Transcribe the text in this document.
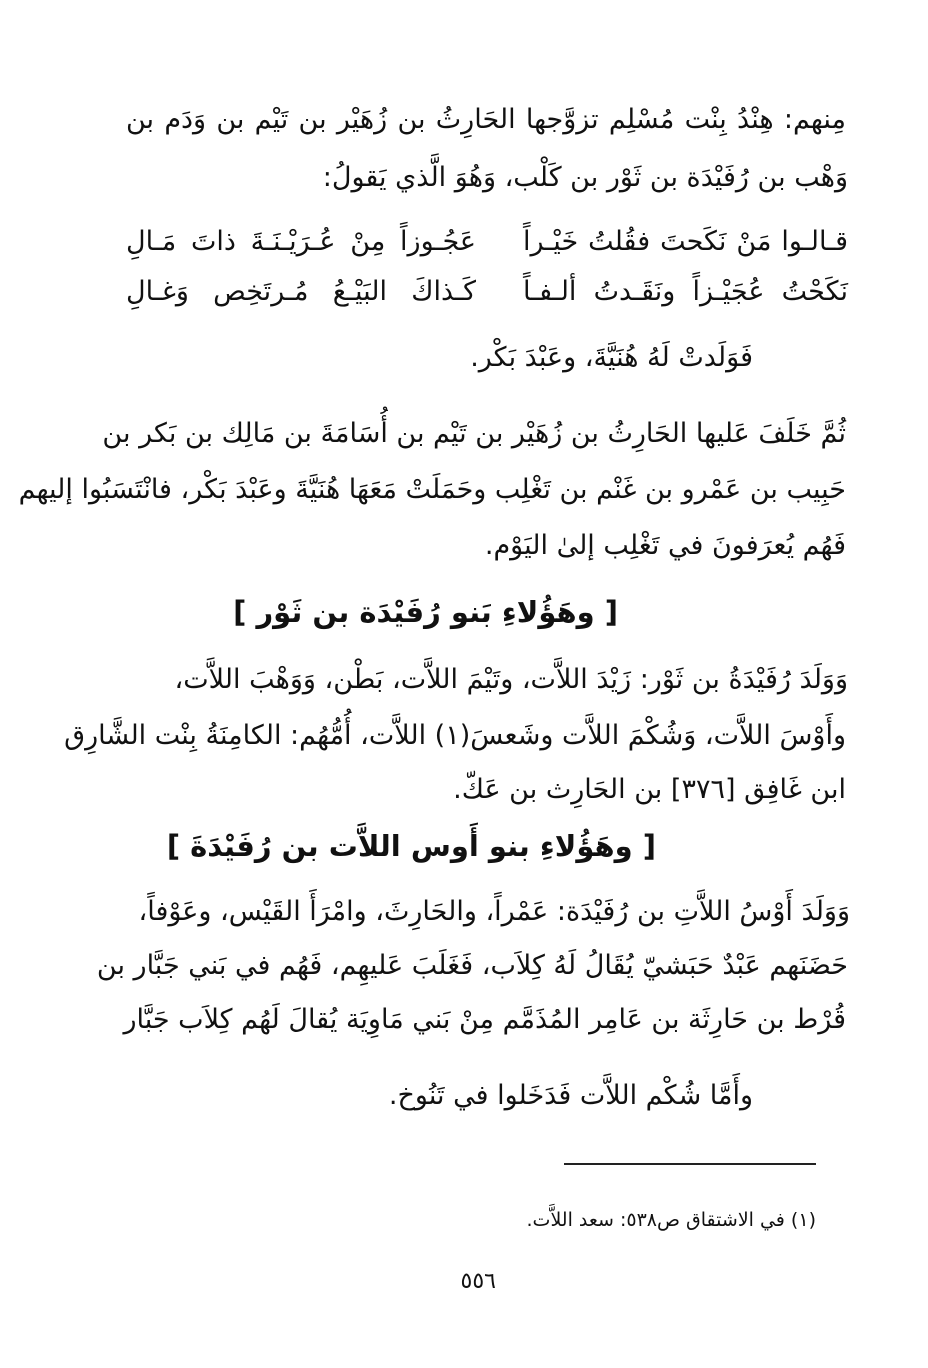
مِنهم: هِنْدُ بِنْت مُسْلِم تزوَّجها الحَارِثُ بن زُهَيْر بن تَيْم بن وَدَم بن
وَهْب بن رُفَيْدَة بن ثَوْر بن كَلْب، وَهُوَ الَّذي يَقولُ:
قـالـوا مَنْ نَكَحتَ فقُلتُ خَيْـراً
عَجُـوزاً مِنْ عُـرَيْـنَـةَ ذاتَ مَـالِ
نَكَحْتُ عُجَيْـزاً ونَقَـدتُ ألـفـاً
كَـذاكَ البَيْـعُ مُـرتَخِص وَغـالِ
فَوَلَدتْ لَهُ هُنَيَّةَ، وعَبْدَ بَكْر.
ثُمَّ خَلَفَ عَليها الحَارِثُ بن زُهَيْر بن تَيْم بن أُسَامَةَ بن مَالِك بن بَكر بن
حَبِيب بن عَمْرو بن غَنْم بن تَغْلِب وحَمَلَتْ مَعَهَا هُنَيَّةَ وعَبْدَ بَكْر، فانْتَسَبُوا إليهم
فَهُم يُعرَفونَ في تَغْلِب إلىٰ اليَوْم.
[ وهَؤُلاءِ بَنو رُفَيْدَة بن ثَوْر ]
وَوَلَدَ رُفَيْدَةُ بن ثَوْر: زَيْدَ اللاَّت، وتَيْمَ اللاَّت، بَطْن، وَوَهْبَ اللاَّت،
وأَوْسَ اللاَّت، وَشُكْمَ اللاَّت وشَعسَ(١) اللاَّت، أُمُّهُم: الكامِنَةُ بِنْت الشَّارِق
ابن غَافِق [٣٧٦] بن الحَارِث بن عَكّ.
[ وهَؤُلاءِ بنو أَوس اللاَّت بن رُفَيْدَةَ ]
وَوَلَدَ أَوْسُ اللاَّتِ بن رُفَيْدَة: عَمْراً، والحَارِثَ، وامْرَأَ القَيْس، وعَوْفاً،
حَضَنَهم عَبْدٌ حَبَشيّ يُقَالُ لَهُ كِلاَب، فَغَلَبَ عَليهِم، فَهُم في بَني جَبَّار بن
قُرْط بن حَارِثَة بن عَامِر المُذَمَّم مِنْ بَني مَاوِيَة يُقالَ لَهُم كِلاَب جَبَّار
وأَمَّا شُكْم اللاَّت فَدَخَلوا في تَنُوخ.
(١) في الاشتقاق ص٥٣٨: سعد اللاَّت.
٥٥٦
